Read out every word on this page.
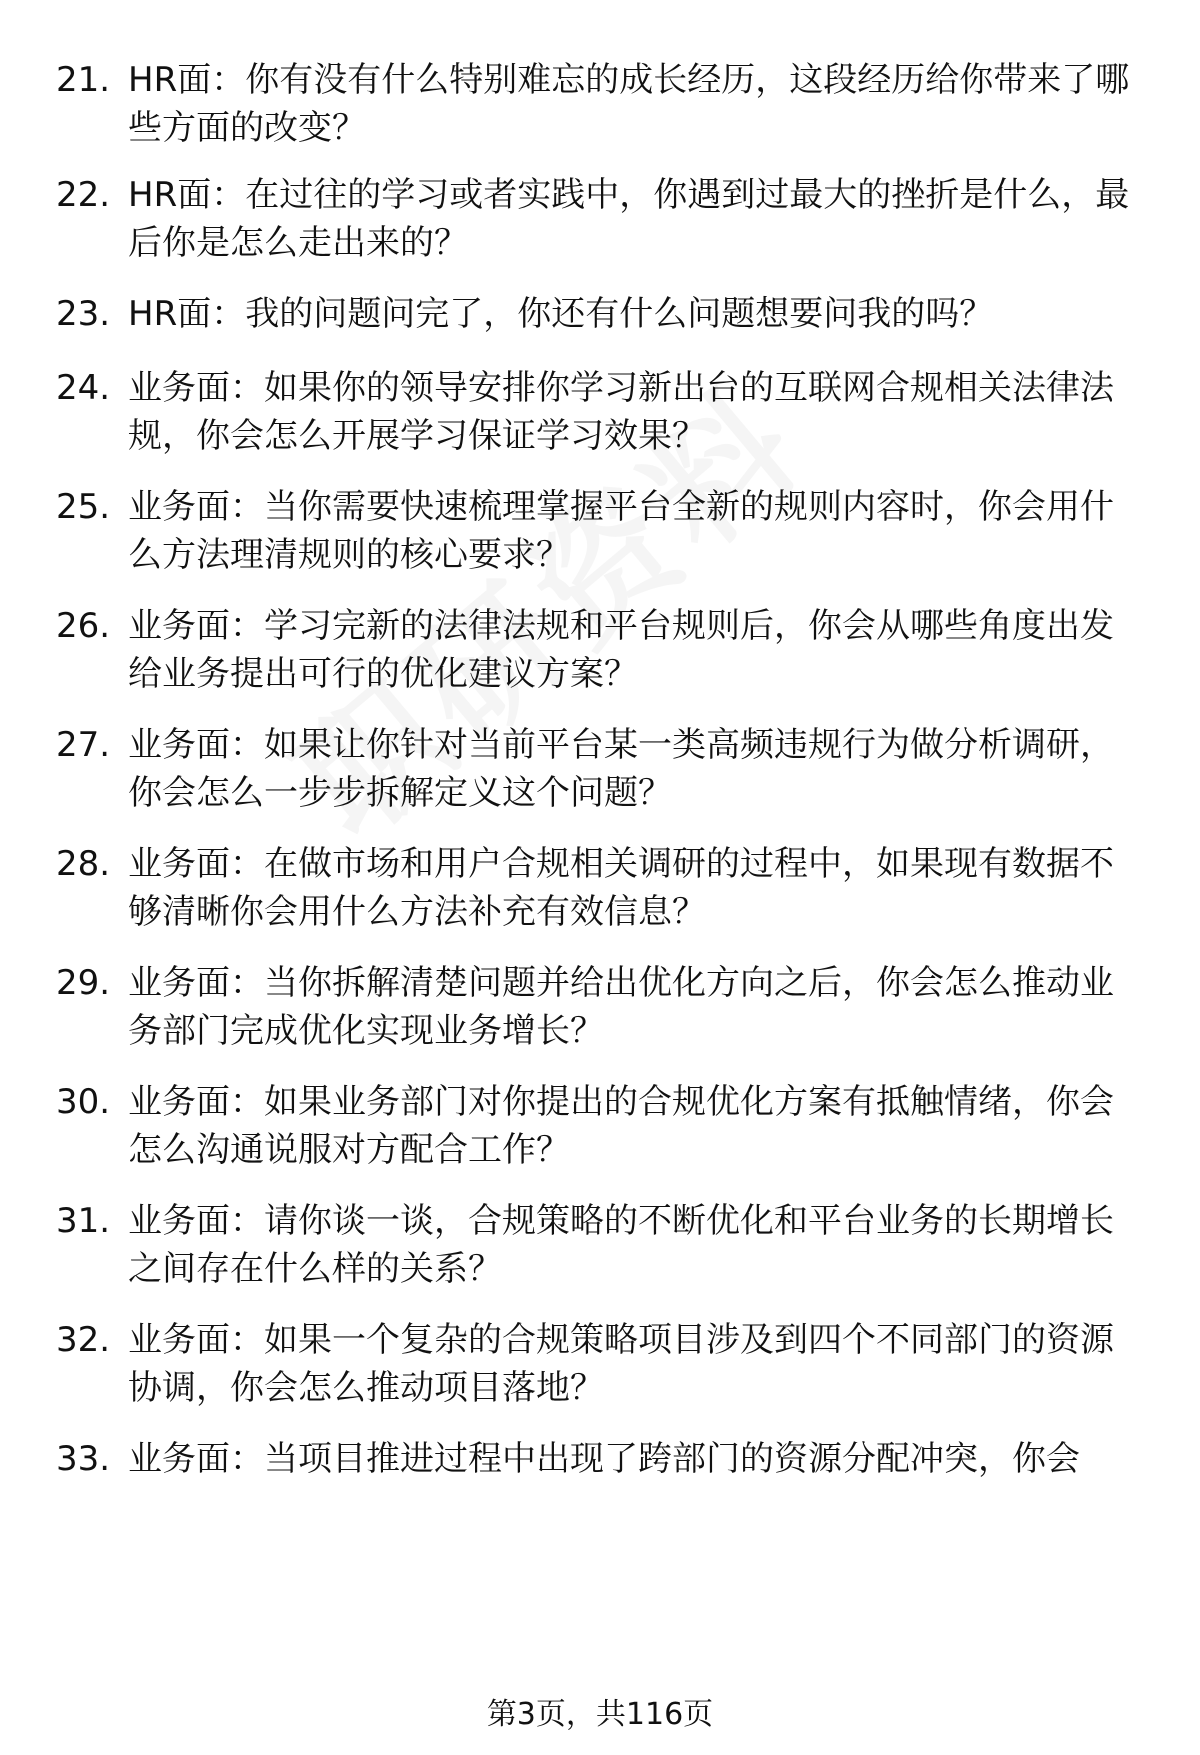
21. HR面：你有没有什么特别难忘的成长经历，这段经历给你带来了哪些方面的改变？
22. HR面：在过往的学习或者实践中，你遇到过最大的挫折是什么，最后你是怎么走出来的？
23. HR面：我的问题问完了，你还有什么问题想要问我的吗？
24. 业务面：如果你的领导安排你学习新出台的互联网合规相关法律法规，你会怎么开展学习保证学习效果？
25. 业务面：当你需要快速梳理掌握平台全新的规则内容时，你会用什么方法理清规则的核心要求？
26. 业务面：学习完新的法律法规和平台规则后，你会从哪些角度出发给业务提出可行的优化建议方案？
27. 业务面：如果让你针对当前平台某一类高频违规行为做分析调研，你会怎么一步步拆解定义这个问题？
28. 业务面：在做市场和用户合规相关调研的过程中，如果现有数据不够清晰你会用什么方法补充有效信息？
29. 业务面：当你拆解清楚问题并给出优化方向之后，你会怎么推动业务部门完成优化实现业务增长？
30. 业务面：如果业务部门对你提出的合规优化方案有抵触情绪，你会怎么沟通说服对方配合工作？
31. 业务面：请你谈一谈，合规策略的不断优化和平台业务的长期增长之间存在什么样的关系？
32. 业务面：如果一个复杂的合规策略项目涉及到四个不同部门的资源协调，你会怎么推动项目落地？
33. 业务面：当项目推进过程中出现了跨部门的资源分配冲突，你会
第3页，共116页
